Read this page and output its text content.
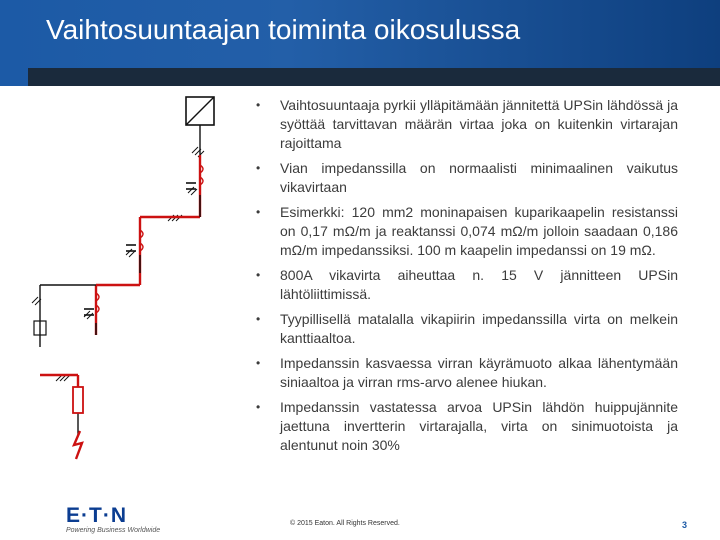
Vaihtosuuntaajan toiminta oikosulussa
• Vaihtosuuntaaja pyrkii ylläpitämään jännitettä UPSin lähdössä ja syöttää tarvittavan määrän virtaa joka on kuitenkin virtarajan rajoittama
• Vian impedanssilla on normaalisti minimaalinen vaikutus vikavirtaan
• Esimerkki: 120 mm2 moninapaisen kuparikaapelin resistanssi on 0,17 mΩ/m ja reaktanssi 0,074 mΩ/m jolloin saadaan 0,186 mΩ/m impedanssiksi. 100 m kaapelin impedanssi on 19 mΩ.
• 800A vikavirta aiheuttaa n. 15 V jännitteen UPSin lähtöliittimissä.
• Tyypillisellä matalalla vikapiirin impedanssilla virta on melkein kanttiaaltoa.
• Impedanssin kasvaessa virran käyrämuoto alkaa lähentymään siniaaltoa ja virran rms-arvo alenee hiukan.
• Impedanssin vastatessa arvoa UPSin lähdön huippujännite jaettuna invertterin virtarajalla, virta on sinimuotoista ja alentunut noin 30%
E·T·N
Powering Business Worldwide
© 2015 Eaton. All Rights Reserved.	3
